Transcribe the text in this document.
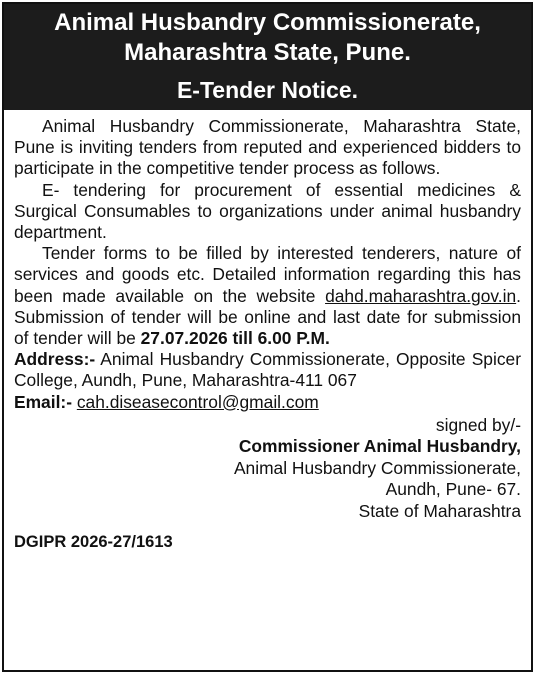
Animal Husbandry Commissionerate, Maharashtra State, Pune.
E-Tender Notice.

Animal Husbandry Commissionerate, Maharashtra State, Pune is inviting tenders from reputed and experienced bidders to participate in the competitive tender process as follows.

E- tendering for procurement of essential medicines & Surgical Consumables to organizations under animal husbandry department.

Tender forms to be filled by interested tenderers, nature of services and goods etc. Detailed information regarding this has been made available on the website dahd.maharashtra.gov.in. Submission of tender will be online and last date for submission of tender will be 27.07.2026 till 6.00 P.M.

Address:- Animal Husbandry Commissionerate, Opposite Spicer College, Aundh, Pune, Maharashtra-411 067

Email:- cah.diseasecontrol@gmail.com

signed by/-

Commissioner Animal Husbandry,
Animal Husbandry Commissionerate,
Aundh, Pune- 67.
State of Maharashtra
DGIPR 2026-27/1613
